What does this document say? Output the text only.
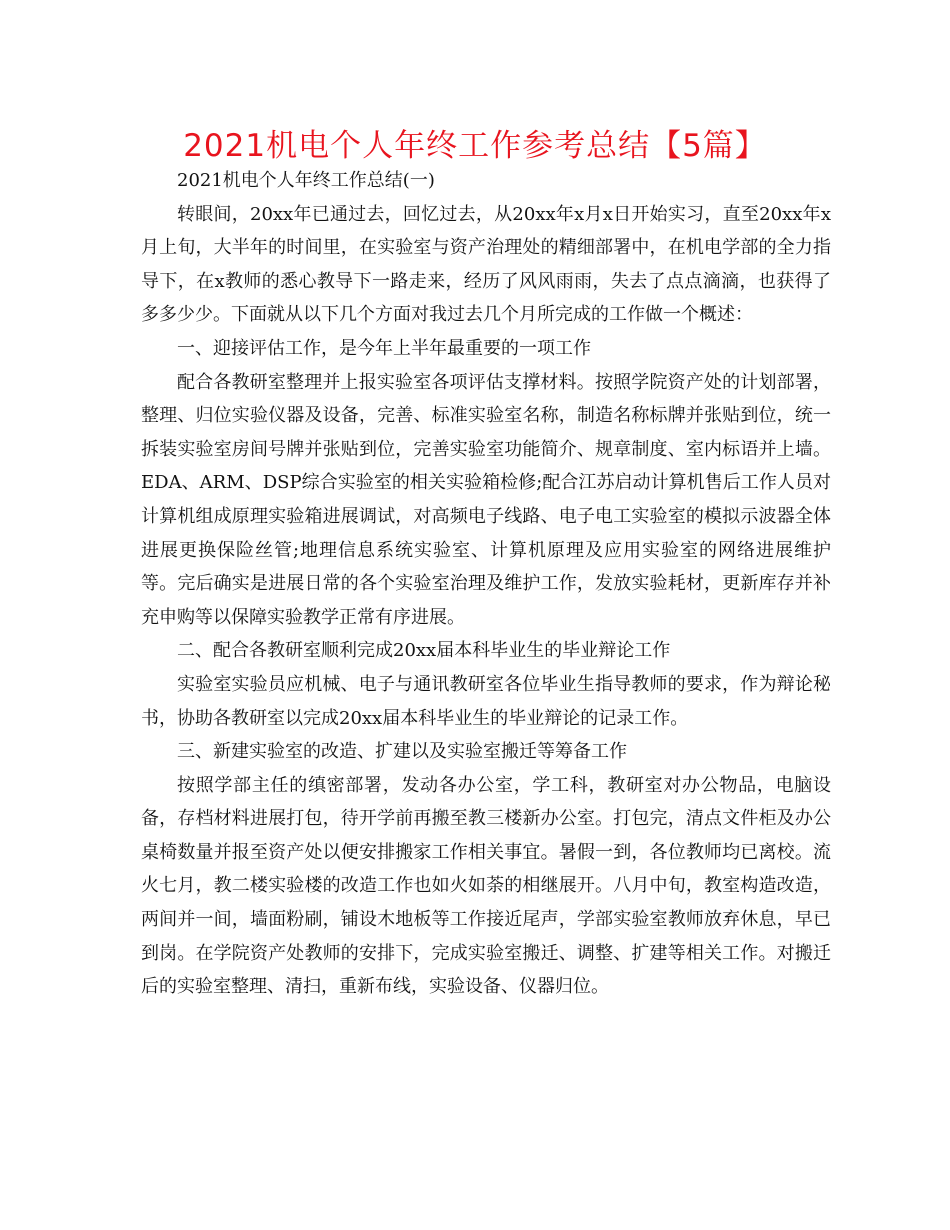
2021机电个人年终工作参考总结【5篇】

2021机电个人年终工作总结(一)

转眼间，20xx年已通过去，回忆过去，从20xx年x月x日开始实习，直至20xx年x月上旬，大半年的时间里，在实验室与资产治理处的精细部署中，在机电学部的全力指导下，在x教师的悉心教导下一路走来，经历了风风雨雨，失去了点点滴滴，也获得了多多少少。下面就从以下几个方面对我过去几个月所完成的工作做一个概述：

一、迎接评估工作，是今年上半年最重要的一项工作

配合各教研室整理并上报实验室各项评估支撑材料。按照学院资产处的计划部署，整理、归位实验仪器及设备，完善、标准实验室名称，制造名称标牌并张贴到位，统一拆装实验室房间号牌并张贴到位，完善实验室功能简介、规章制度、室内标语并上墙。EDA、ARM、DSP综合实验室的相关实验箱检修;配合江苏启动计算机售后工作人员对计算机组成原理实验箱进展调试，对高频电子线路、电子电工实验室的模拟示波器全体进展更换保险丝管;地理信息系统实验室、计算机原理及应用实验室的网络进展维护等。完后确实是进展日常的各个实验室治理及维护工作，发放实验耗材，更新库存并补充申购等以保障实验教学正常有序进展。

二、配合各教研室顺利完成20xx届本科毕业生的毕业辩论工作

实验室实验员应机械、电子与通讯教研室各位毕业生指导教师的要求，作为辩论秘书，协助各教研室以完成20xx届本科毕业生的毕业辩论的记录工作。

三、新建实验室的改造、扩建以及实验室搬迁等筹备工作

按照学部主任的缜密部署，发动各办公室，学工科，教研室对办公物品，电脑设备，存档材料进展打包，待开学前再搬至教三楼新办公室。打包完，清点文件柜及办公桌椅数量并报至资产处以便安排搬家工作相关事宜。暑假一到，各位教师均已离校。流火七月，教二楼实验楼的改造工作也如火如荼的相继展开。八月中旬，教室构造改造，两间并一间，墙面粉刷，铺设木地板等工作接近尾声，学部实验室教师放弃休息，早已到岗。在学院资产处教师的安排下，完成实验室搬迁、调整、扩建等相关工作。对搬迁后的实验室整理、清扫，重新布线，实验设备、仪器归位。
